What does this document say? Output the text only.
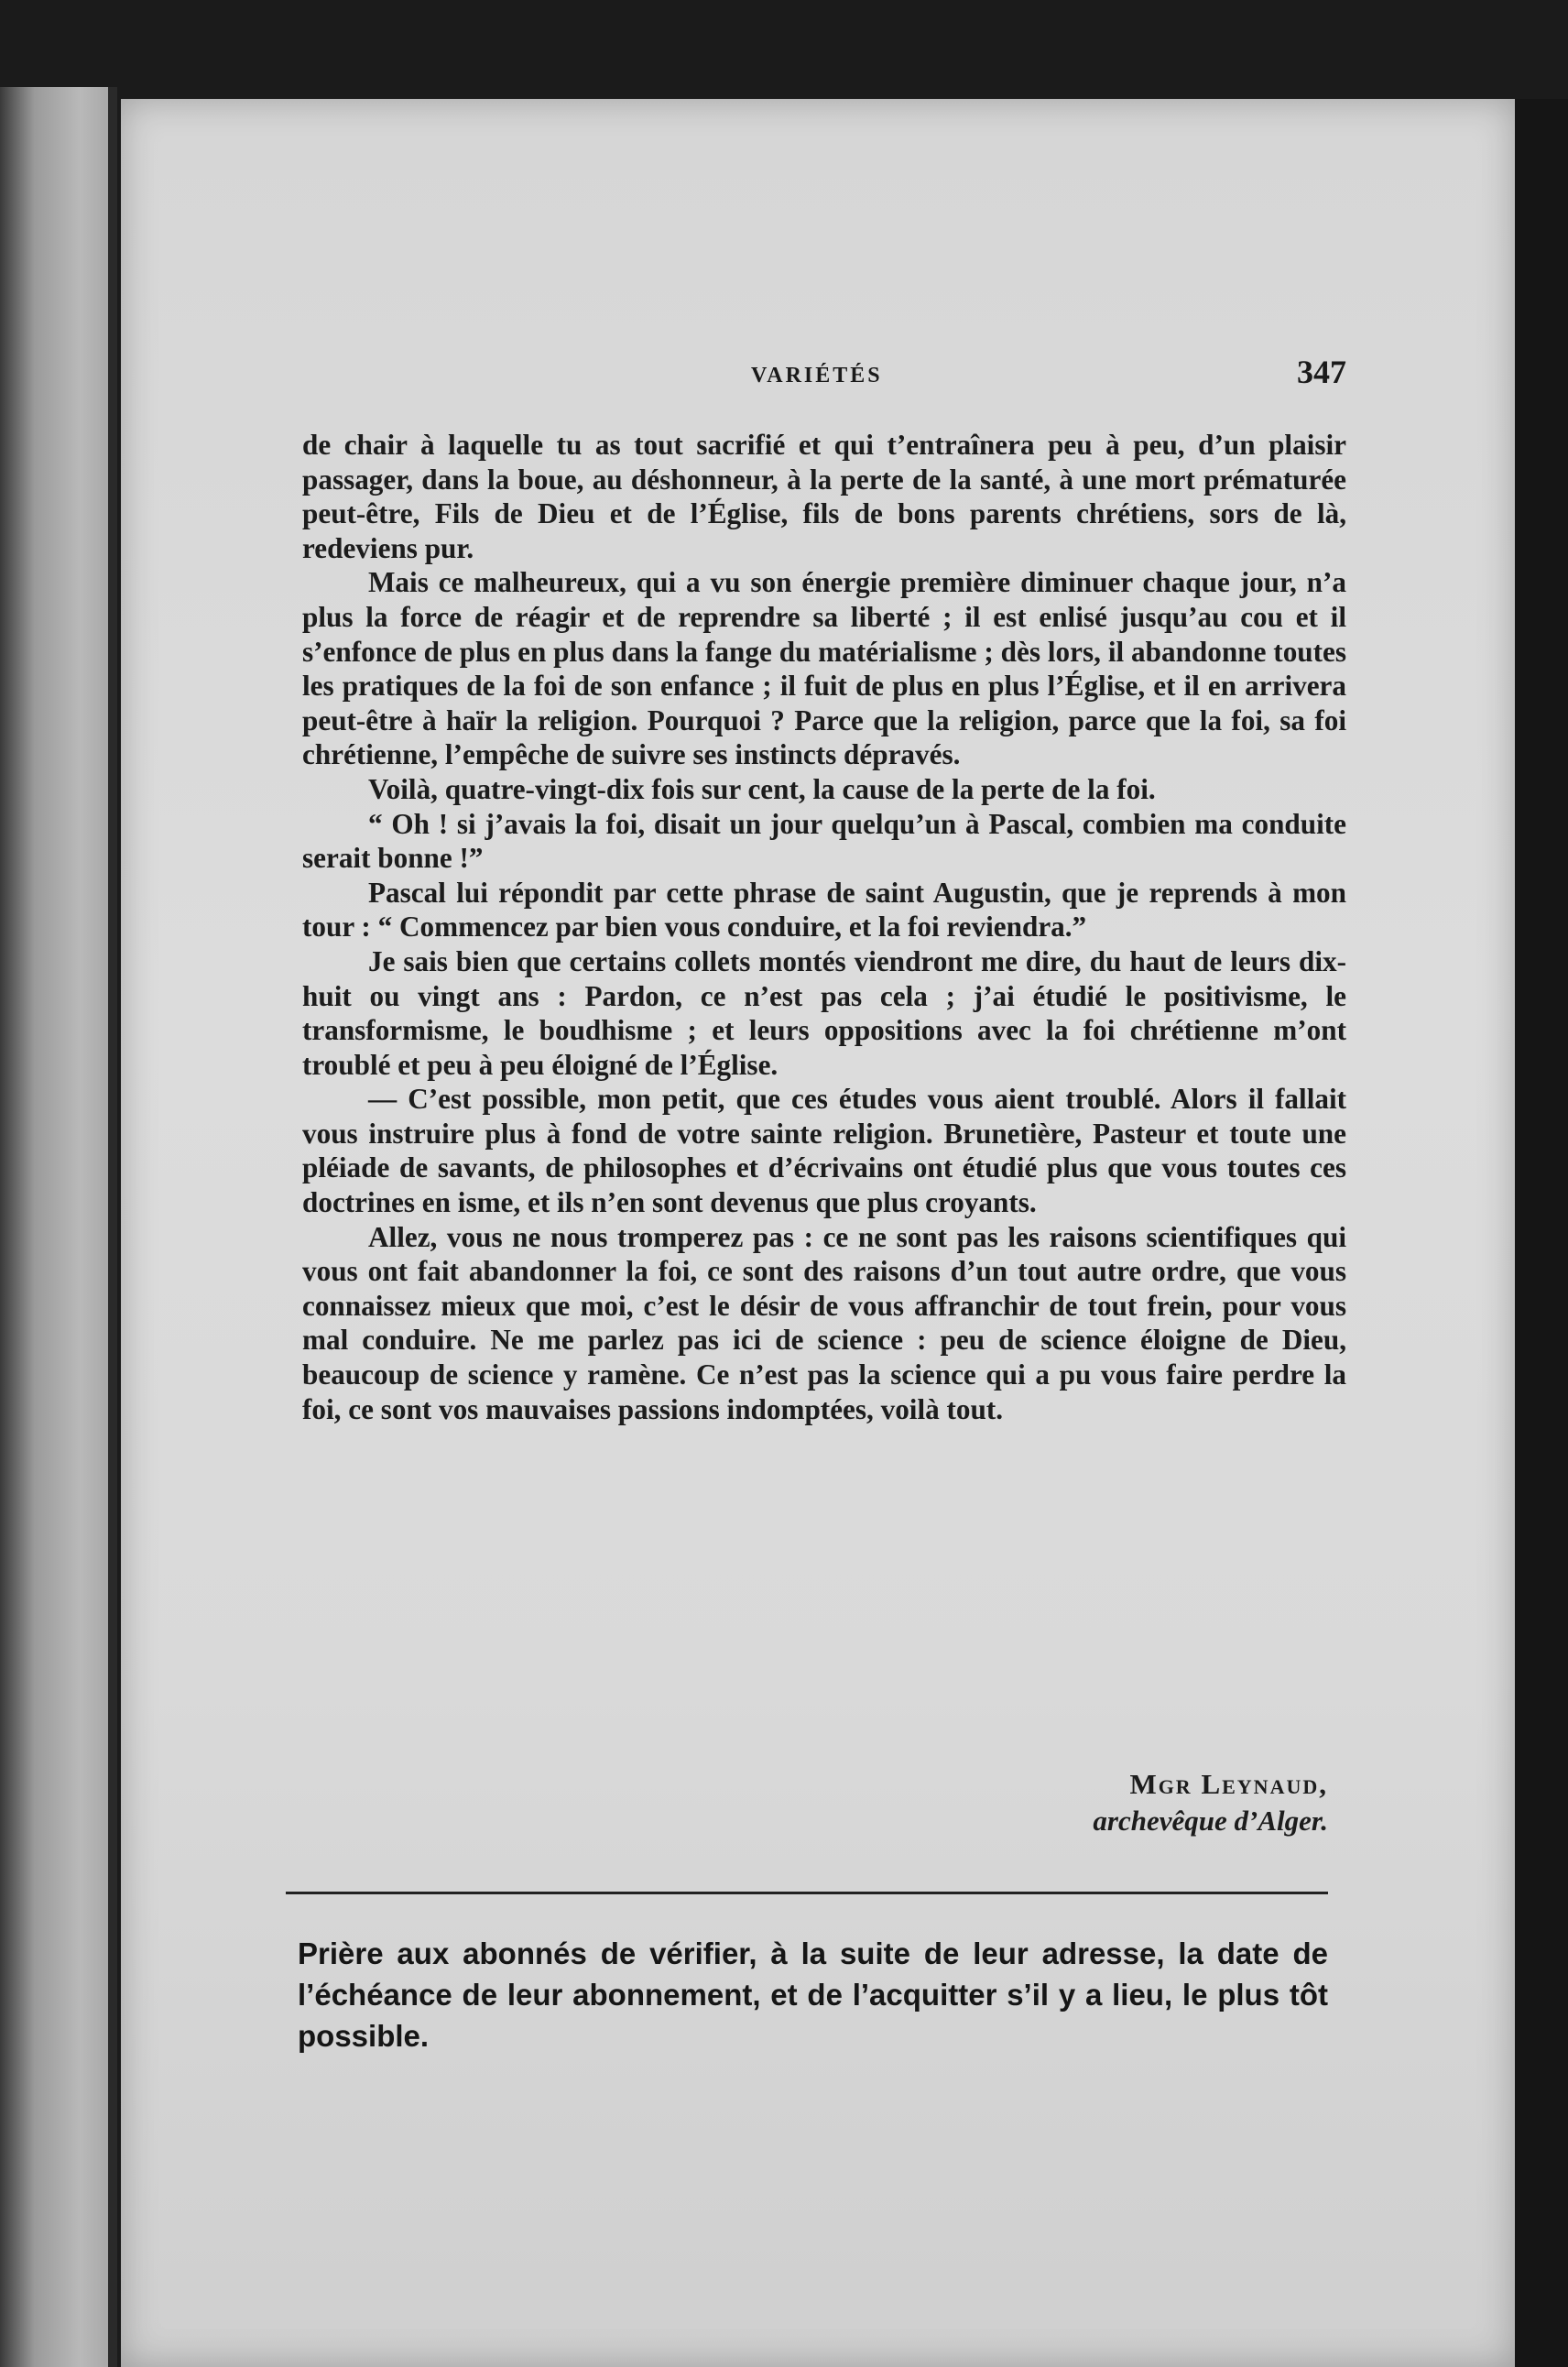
VARIÉTÉS	347

de chair à laquelle tu as tout sacrifié et qui t’entraînera peu à peu, d’un plaisir passager, dans la boue, au déshonneur, à la perte de la santé, à une mort prématurée peut-être, Fils de Dieu et de l’Église, fils de bons parents chrétiens, sors de là, redeviens pur.

Mais ce malheureux, qui a vu son énergie première diminuer chaque jour, n’a plus la force de réagir et de reprendre sa liberté ; il est enlisé jusqu’au cou et il s’enfonce de plus en plus dans la fange du matérialisme ; dès lors, il abandonne toutes les pratiques de la foi de son enfance ; il fuit de plus en plus l’Église, et il en arrivera peut-être à haïr la religion. Pourquoi ? Parce que la religion, parce que la foi, sa foi chrétienne, l’empêche de suivre ses instincts dépravés.

Voilà, quatre-vingt-dix fois sur cent, la cause de la perte de la foi.

“ Oh ! si j’avais la foi, disait un jour quelqu’un à Pascal, combien ma conduite serait bonne !”

Pascal lui répondit par cette phrase de saint Augustin, que je reprends à mon tour : “ Commencez par bien vous conduire, et la foi reviendra.”

Je sais bien que certains collets montés viendront me dire, du haut de leurs dix-huit ou vingt ans : Pardon, ce n’est pas cela ; j’ai étudié le positivisme, le transformisme, le boudhisme ; et leurs oppositions avec la foi chrétienne m’ont troublé et peu à peu éloigné de l’Église.

— C’est possible, mon petit, que ces études vous aient troublé. Alors il fallait vous instruire plus à fond de votre sainte religion. Brunetière, Pasteur et toute une pléiade de savants, de philosophes et d’écrivains ont étudié plus que vous toutes ces doctrines en isme, et ils n’en sont devenus que plus croyants.

Allez, vous ne nous tromperez pas : ce ne sont pas les raisons scientifiques qui vous ont fait abandonner la foi, ce sont des raisons d’un tout autre ordre, que vous connaissez mieux que moi, c’est le désir de vous affranchir de tout frein, pour vous mal conduire. Ne me parlez pas ici de science : peu de science éloigne de Dieu, beaucoup de science y ramène. Ce n’est pas la science qui a pu vous faire perdre la foi, ce sont vos mauvaises passions indomptées, voilà tout.

Mgr Leynaud,
archevêque d’Alger.

Prière aux abonnés de vérifier, à la suite de leur adresse, la date de l’échéance de leur abonnement, et de l’acquitter s’il y a lieu, le plus tôt possible.
